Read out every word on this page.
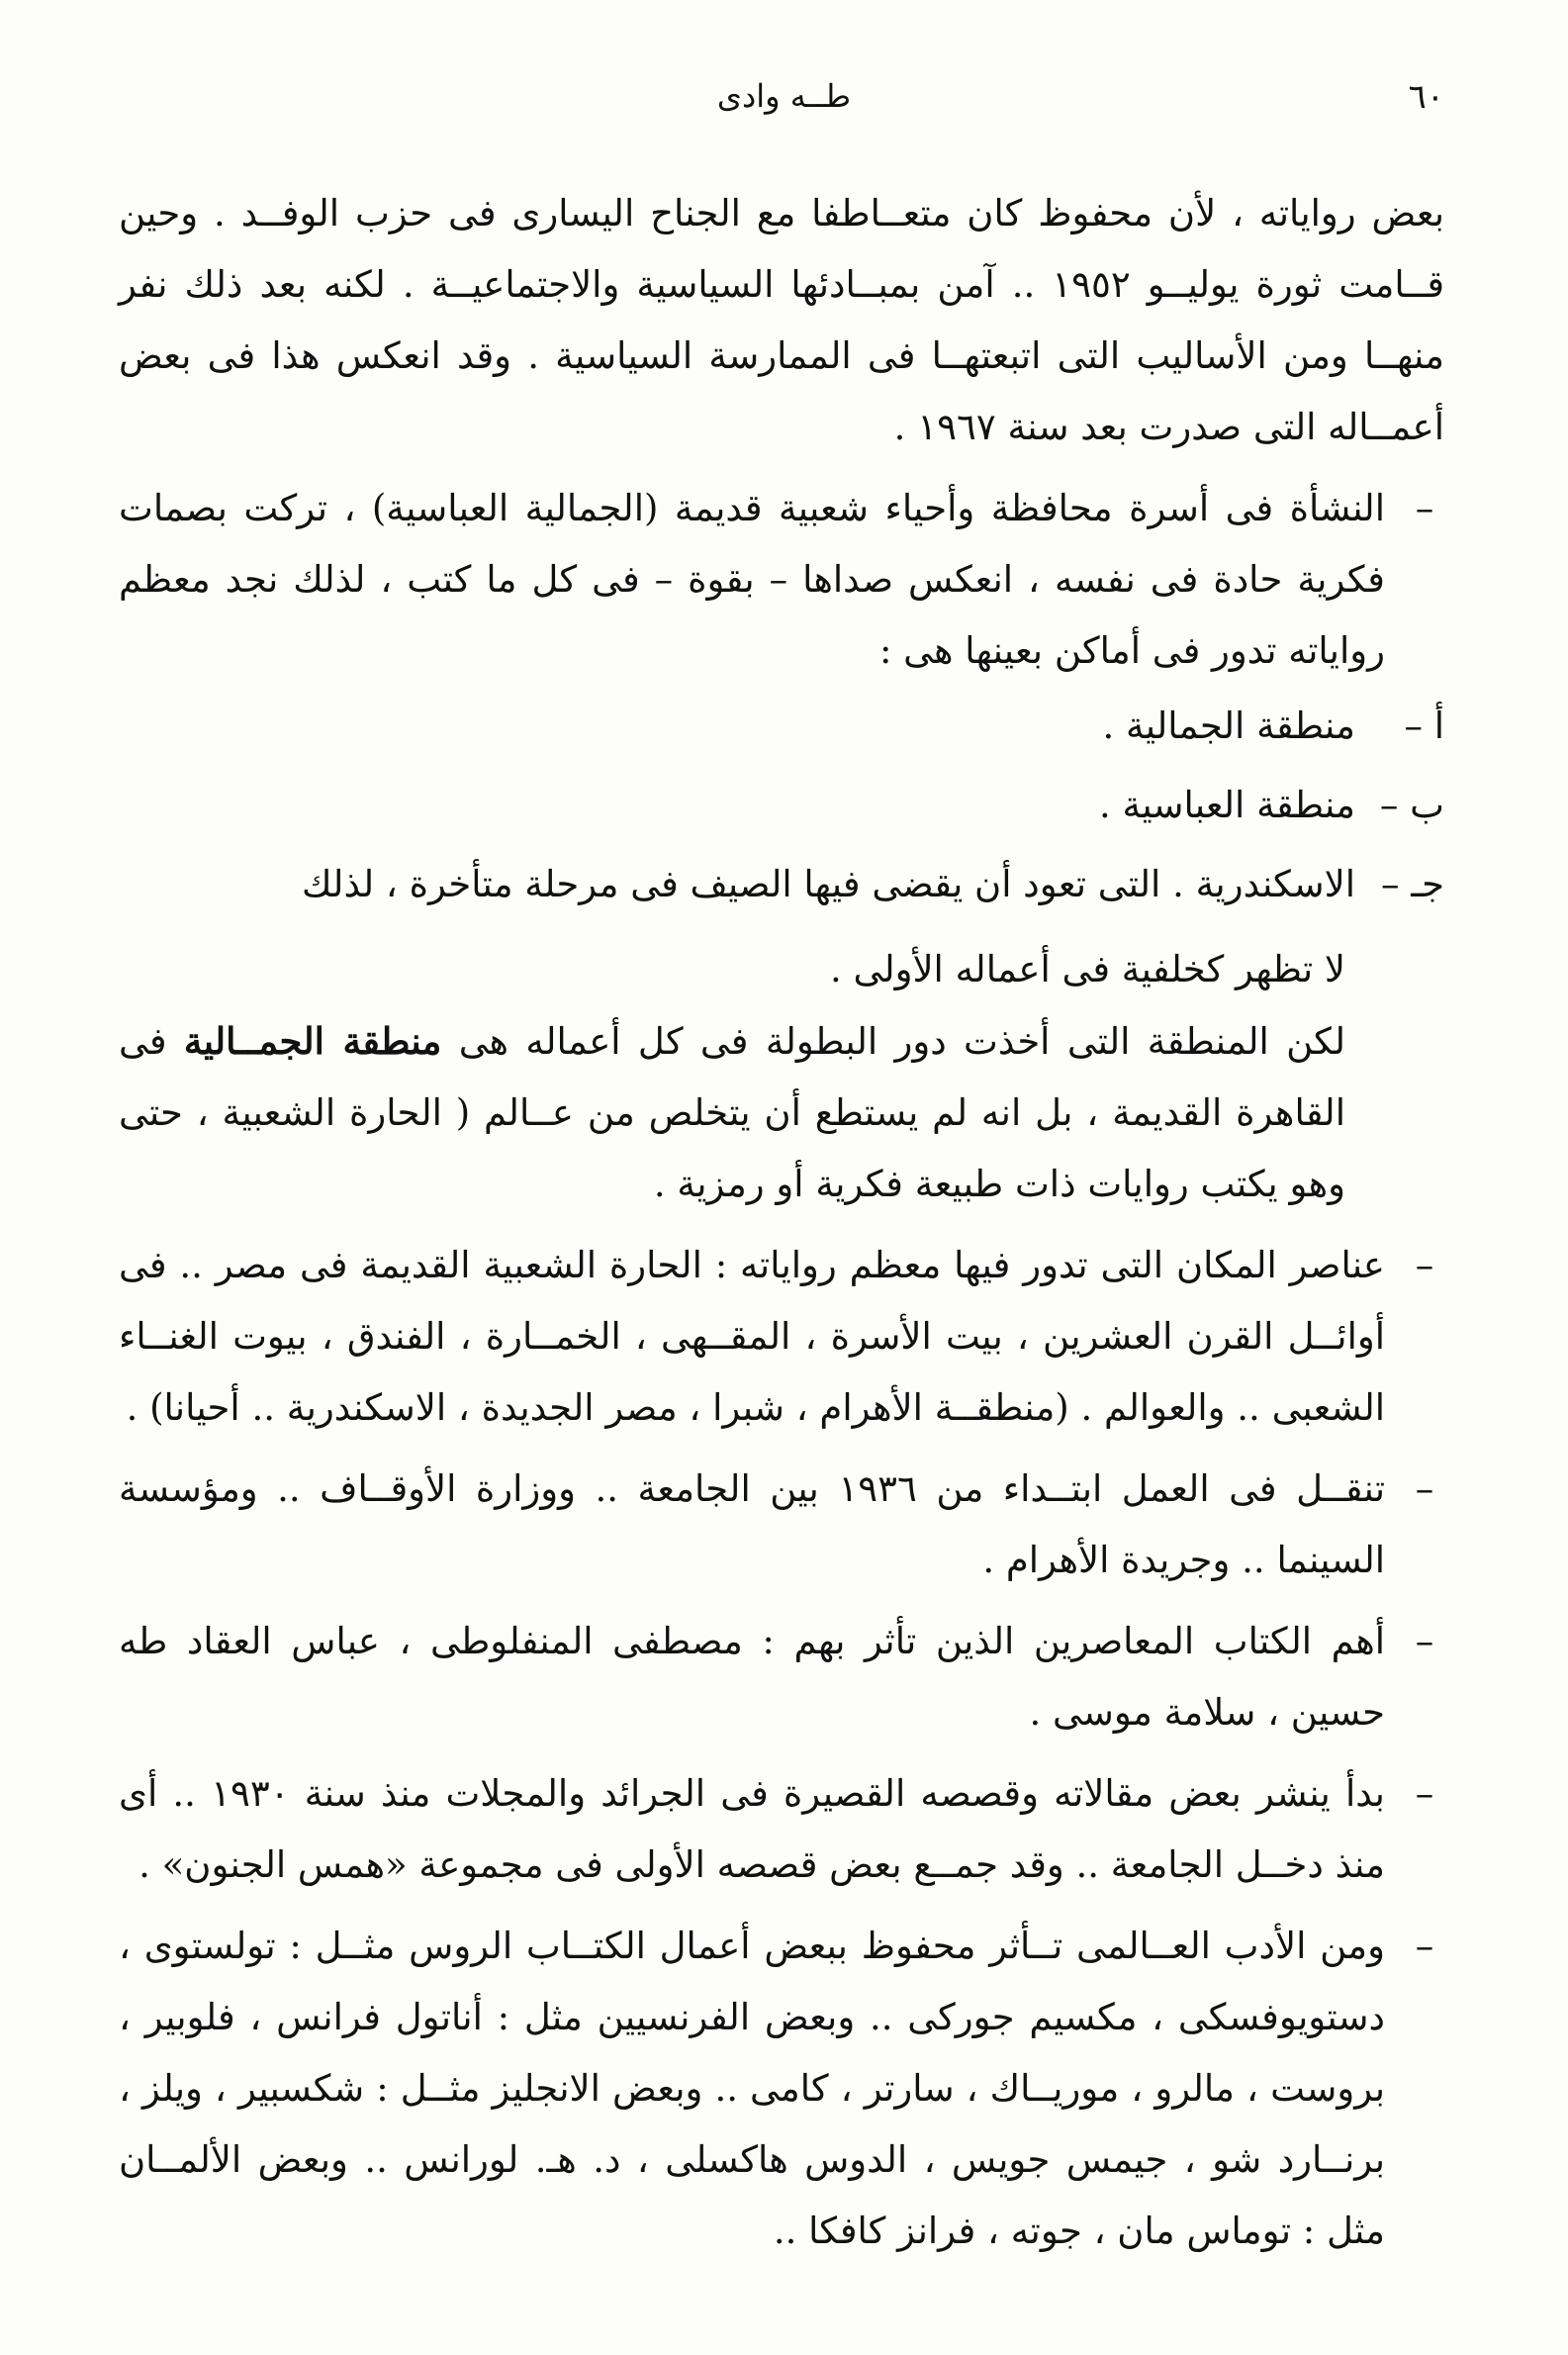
٦٠
طــه وادى

بعض رواياته ، لأن محفوظ كان متعــاطفا مع الجناح اليسارى فى حزب الوفــد . وحين قــامت ثورة يوليــو ١٩٥٢ .. آمن بمبــادئها السياسية والاجتماعيــة . لكنه بعد ذلك نفر منهــا ومن الأساليب التى اتبعتهــا فى الممارسة السياسية . وقد انعكس هذا فى بعض أعمــاله التى صدرت بعد سنة ١٩٦٧ .

–
النشأة فى أسرة محافظة وأحياء شعبية قديمة (الجمالية العباسية) ، تركت بصمات فكرية حادة فى نفسه ، انعكس صداها – بقوة – فى كل ما كتب ، لذلك نجد معظم رواياته تدور فى أماكن بعينها هى :
أ –
منطقة الجمالية .
ب –
منطقة العباسية .
جـ –
الاسكندرية . التى تعود أن يقضى فيها الصيف فى مرحلة متأخرة ، لذلك

لا تظهر كخلفية فى أعماله الأولى .

لكن المنطقة التى أخذت دور البطولة فى كل أعماله هى منطقة الجمــالية فى القاهرة القديمة ، بل انه لم يستطع أن يتخلص من عــالم ( الحارة الشعبية ، حتى وهو يكتب روايات ذات طبيعة فكرية أو رمزية .

–
عناصر المكان التى تدور فيها معظم رواياته : الحارة الشعبية القديمة فى مصر .. فى أوائــل القرن العشرين ، بيت الأسرة ، المقــهى ، الخمــارة ، الفندق ، بيوت الغنــاء الشعبى .. والعوالم . (منطقــة الأهرام ، شبرا ، مصر الجديدة ، الاسكندرية .. أحيانا) .
–
تنقــل فى العمل ابتــداء من ١٩٣٦ بين الجامعة .. ووزارة الأوقــاف .. ومؤسسة السينما .. وجريدة الأهرام .
–
أهم الكتاب المعاصرين الذين تأثر بهم : مصطفى المنفلوطى ، عباس العقاد طه حسين ، سلامة موسى .
–
بدأ ينشر بعض مقالاته وقصصه القصيرة فى الجرائد والمجلات منذ سنة ١٩٣٠ .. أى منذ دخــل الجامعة .. وقد جمــع بعض قصصه الأولى فى مجموعة «همس الجنون» .
–
ومن الأدب العــالمى تــأثر محفوظ ببعض أعمال الكتــاب الروس مثــل : تولستوى ، دستويوفسكى ، مكسيم جوركى .. وبعض الفرنسيين مثل : أناتول فرانس ، فلوبير ، بروست ، مالرو ، موريــاك ، سارتر ، كامى .. وبعض الانجليز مثــل : شكسبير ، ويلز ، برنــارد شو ، جيمس جويس ، الدوس هاكسلى ، د. هـ. لورانس .. وبعض الألمــان مثل : توماس مان ، جوته ، فرانز كافكا ..
